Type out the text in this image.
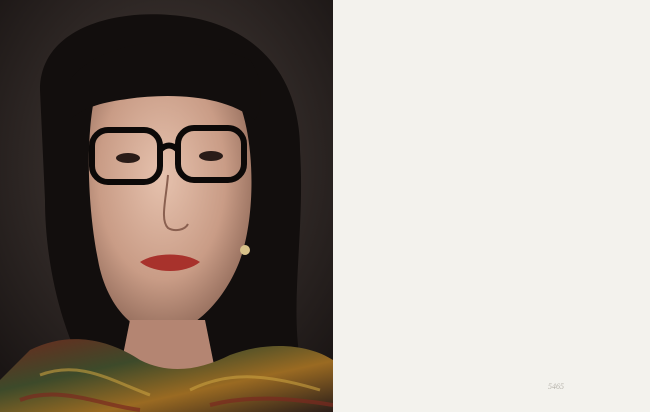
5465
